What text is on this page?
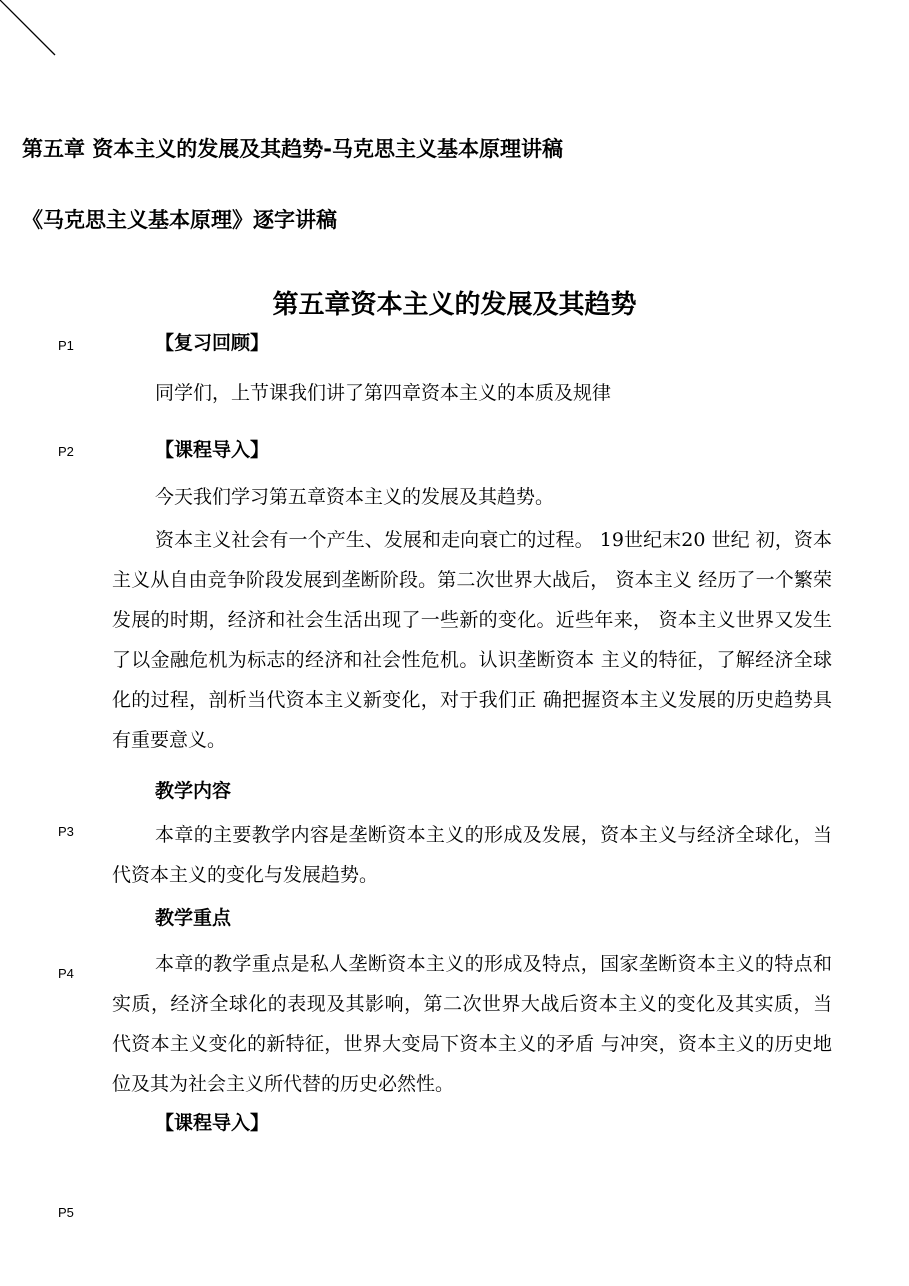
第五章 资本主义的发展及其趋势-马克思主义基本原理讲稿
《马克思主义基本原理》逐字讲稿
第五章资本主义的发展及其趋势
P1
P2
P3
P4
P5
【复习回顾】
同学们，上节课我们讲了第四章资本主义的本质及规律
【课程导入】
今天我们学习第五章资本主义的发展及其趋势。
资本主义社会有一个产生、发展和走向衰亡的过程。 19世纪末20 世纪 初，资本主义从自由竞争阶段发展到垄断阶段。第二次世界大战后， 资本主义 经历了一个繁荣发展的时期，经济和社会生活出现了一些新的变化。近些年来， 资本主义世界又发生了以金融危机为标志的经济和社会性危机。认识垄断资本 主义的特征，了解经济全球化的过程，剖析当代资本主义新变化，对于我们正 确把握资本主义发展的历史趋势具有重要意义。
教学内容
本章的主要教学内容是垄断资本主义的形成及发展，资本主义与经济全球化，当代资本主义的变化与发展趋势。
教学重点
本章的教学重点是私人垄断资本主义的形成及特点，国家垄断资本主义的特点和实质，经济全球化的表现及其影响，第二次世界大战后资本主义的变化及其实质，当代资本主义变化的新特征，世界大变局下资本主义的矛盾 与冲突，资本主义的历史地位及其为社会主义所代替的历史必然性。
【课程导入】
